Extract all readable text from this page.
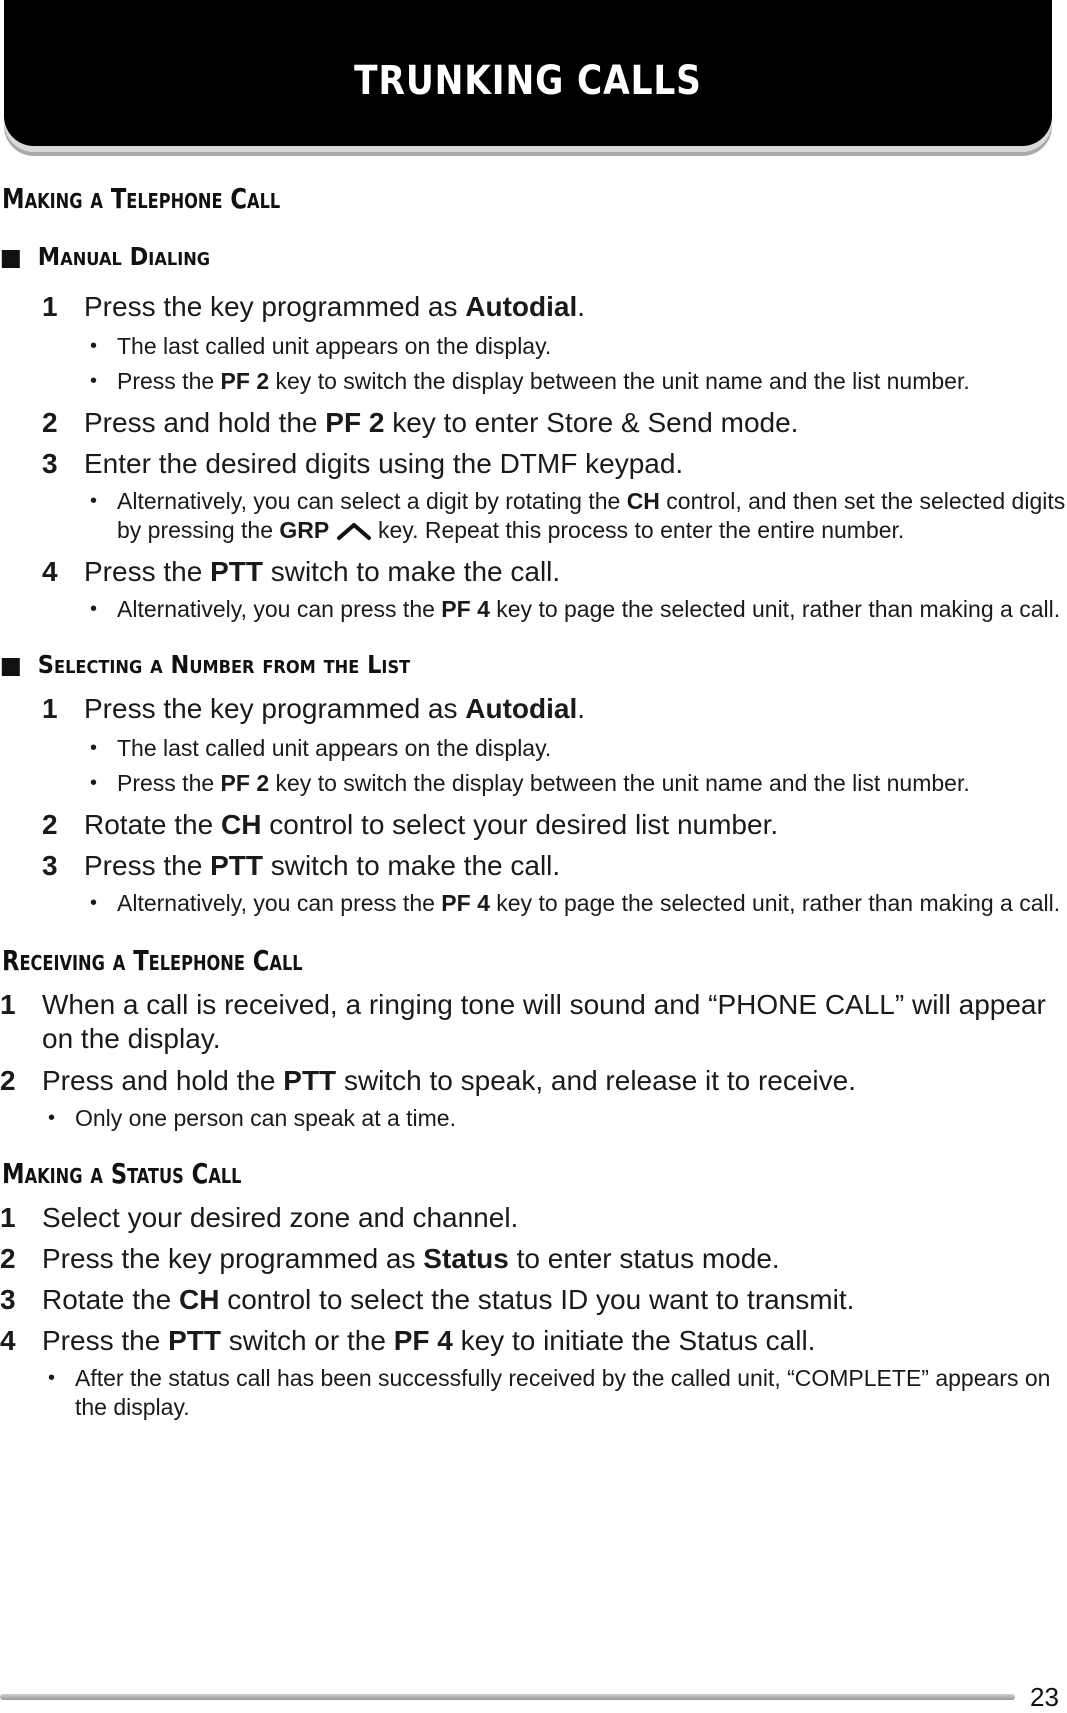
TRUNKING CALLS
Making a Telephone Call
Manual Dialing
1 Press the key programmed as Autodial.
• The last called unit appears on the display.
• Press the PF 2 key to switch the display between the unit name and the list number.
2 Press and hold the PF 2 key to enter Store & Send mode.
3 Enter the desired digits using the DTMF keypad.
• Alternatively, you can select a digit by rotating the CH control, and then set the selected digits by pressing the GRP  key. Repeat this process to enter the entire number.
4 Press the PTT switch to make the call.
• Alternatively, you can press the PF 4 key to page the selected unit, rather than making a call.
Selecting a Number from the List
1 Press the key programmed as Autodial.
• The last called unit appears on the display.
• Press the PF 2 key to switch the display between the unit name and the list number.
2 Rotate the CH control to select your desired list number.
3 Press the PTT switch to make the call.
• Alternatively, you can press the PF 4 key to page the selected unit, rather than making a call.
Receiving a Telephone Call
1 When a call is received, a ringing tone will sound and “PHONE CALL” will appear on the display.
2 Press and hold the PTT switch to speak, and release it to receive.
• Only one person can speak at a time.
Making a Status Call
1 Select your desired zone and channel.
2 Press the key programmed as Status to enter status mode.
3 Rotate the CH control to select the status ID you want to transmit.
4 Press the PTT switch or the PF 4 key to initiate the Status call.
• After the status call has been successfully received by the called unit, “COMPLETE” appears on the display.
23
